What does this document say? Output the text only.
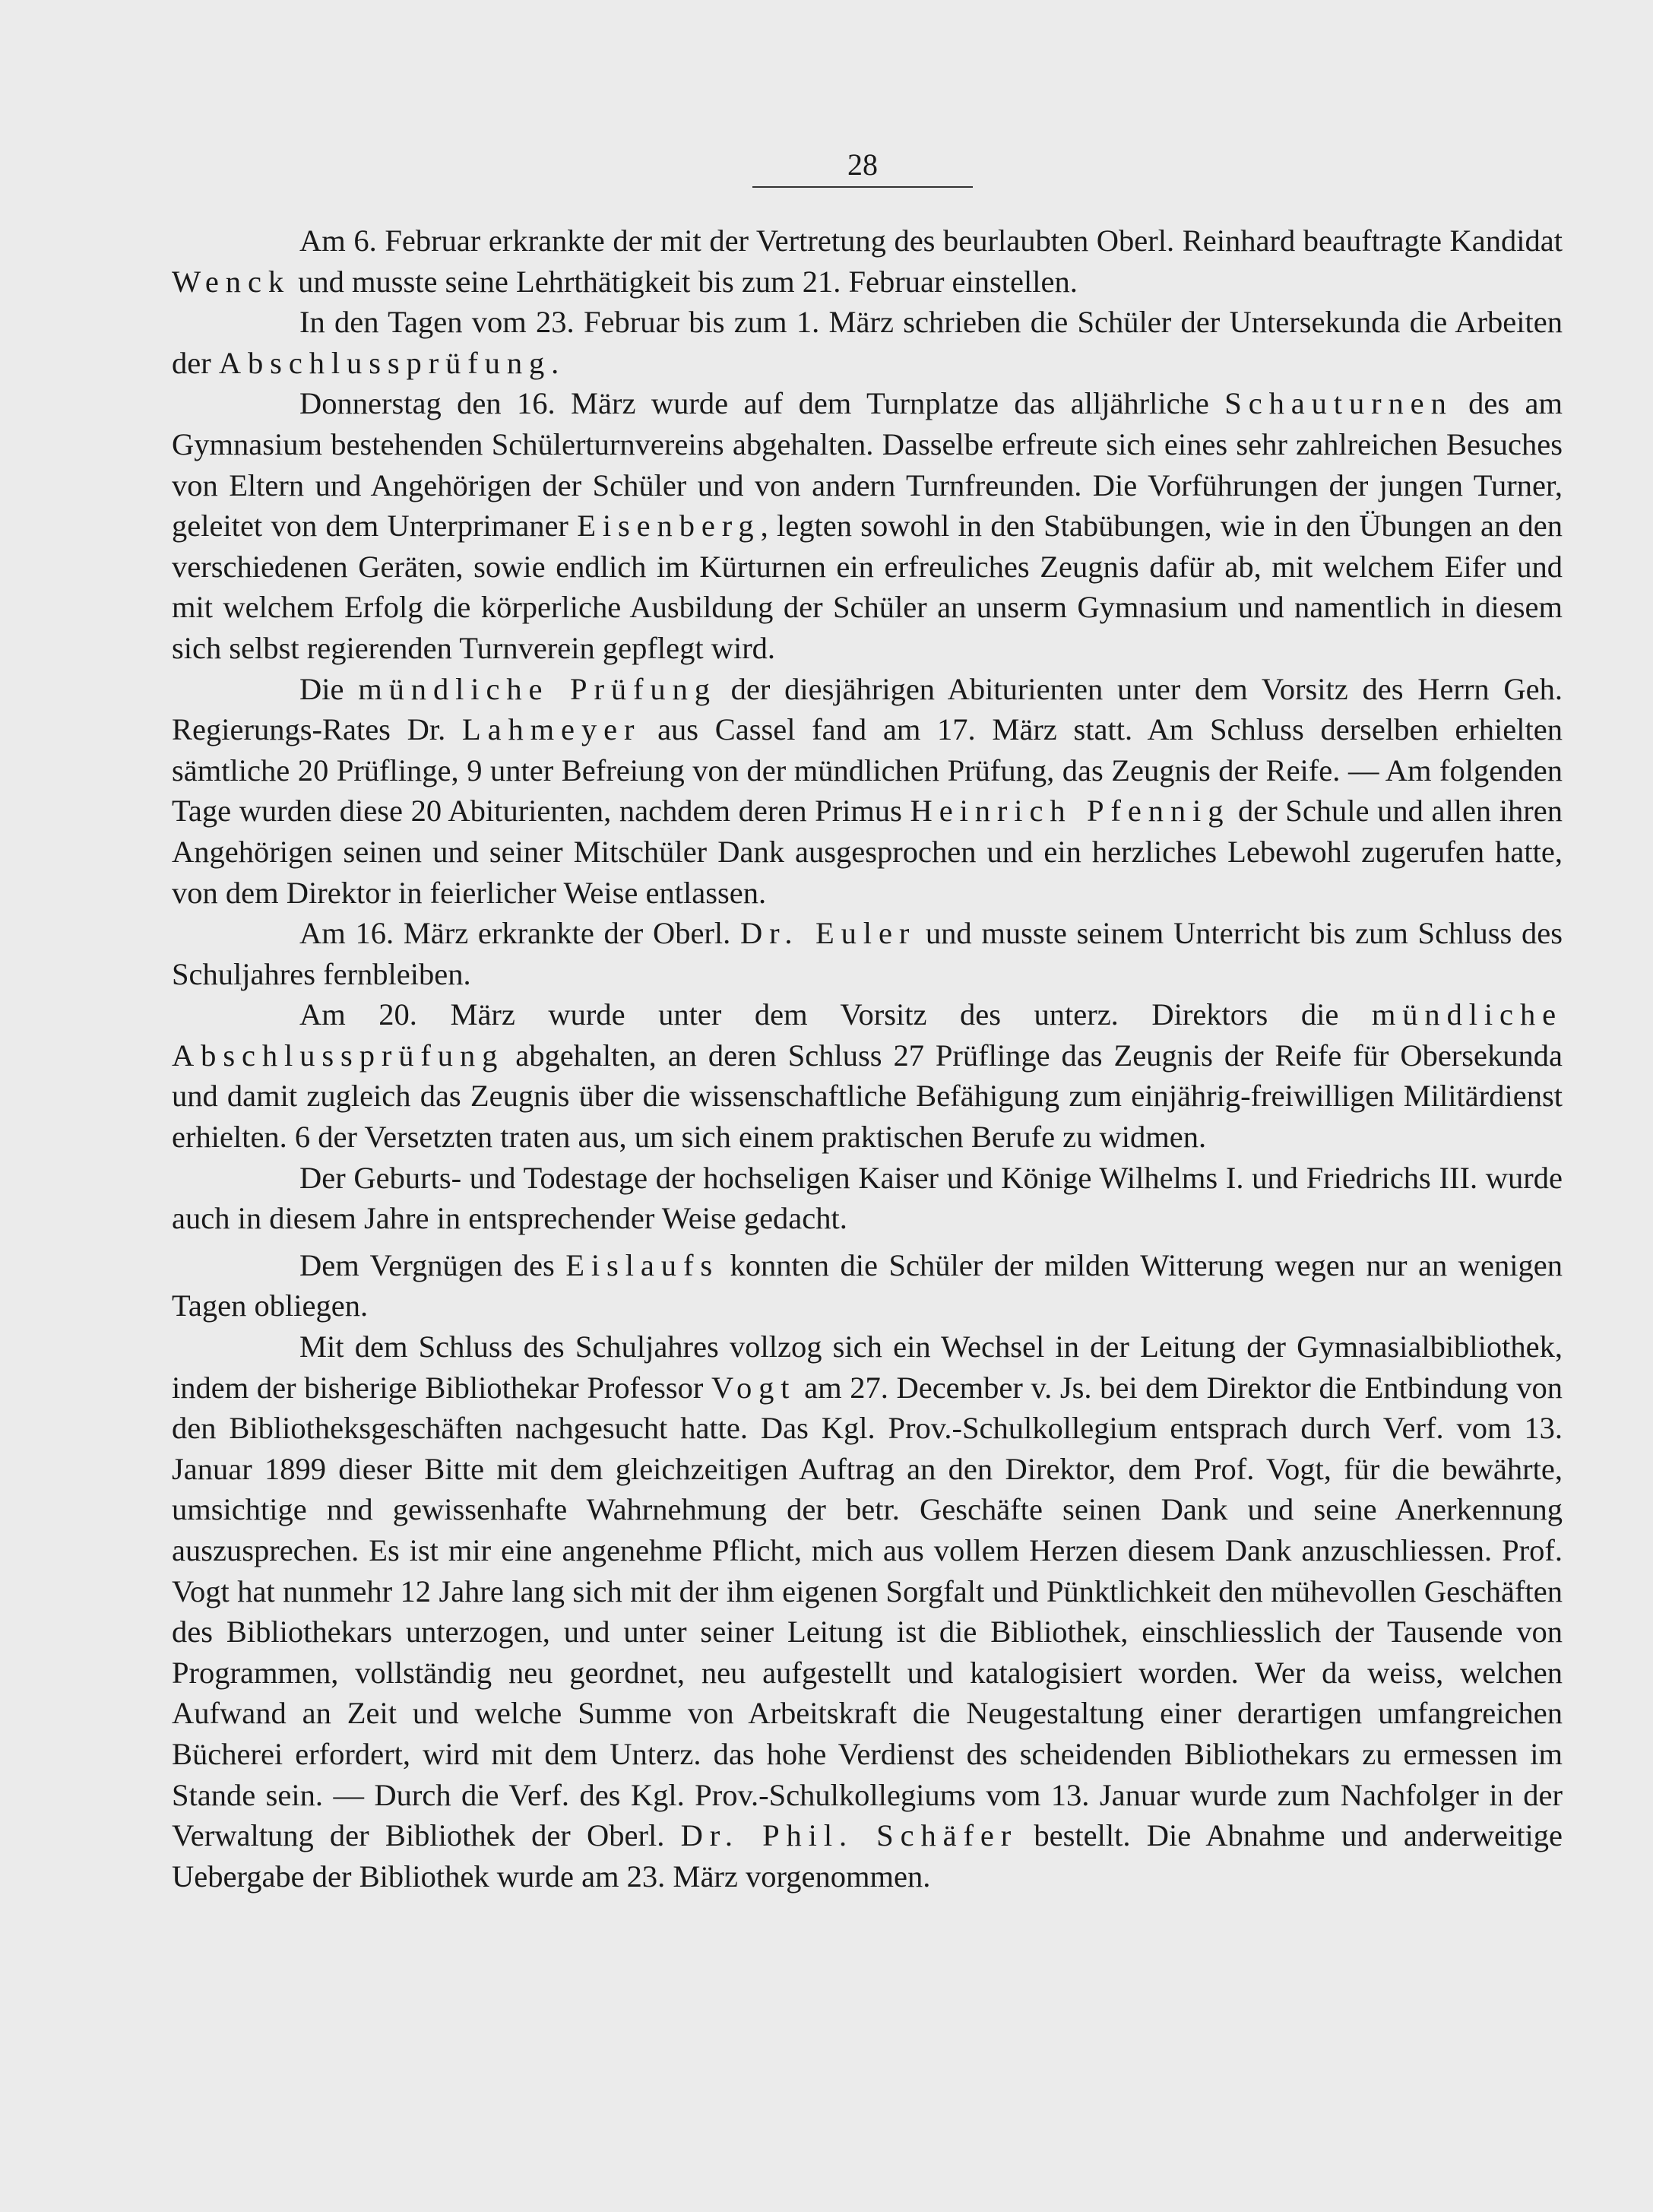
28

Am 6. Februar erkrankte der mit der Vertretung des beurlaubten Oberl. Reinhard beauftragte Kandidat Wenck und musste seine Lehrthätigkeit bis zum 21. Februar einstellen.

In den Tagen vom 23. Februar bis zum 1. März schrieben die Schüler der Untersekunda die Arbeiten der Abschlussprüfung.

Donnerstag den 16. März wurde auf dem Turnplatze das alljährliche Schauturnen des am Gymnasium bestehenden Schülerturnvereins abgehalten. Dasselbe erfreute sich eines sehr zahlreichen Besuches von Eltern und Angehörigen der Schüler und von andern Turnfreunden. Die Vorführungen der jungen Turner, geleitet von dem Unterprimaner Eisenberg, legten sowohl in den Stabübungen, wie in den Übungen an den verschiedenen Geräten, sowie endlich im Kürturnen ein erfreuliches Zeugnis dafür ab, mit welchem Eifer und mit welchem Erfolg die körperliche Ausbildung der Schüler an unserm Gymnasium und namentlich in diesem sich selbst regierenden Turnverein gepflegt wird.

Die mündliche Prüfung der diesjährigen Abiturienten unter dem Vorsitz des Herrn Geh. Regierungs-Rates Dr. Lahmeyer aus Cassel fand am 17. März statt. Am Schluss derselben erhielten sämtliche 20 Prüflinge, 9 unter Befreiung von der mündlichen Prüfung, das Zeugnis der Reife. — Am folgenden Tage wurden diese 20 Abiturienten, nachdem deren Primus Heinrich Pfennig der Schule und allen ihren Angehörigen seinen und seiner Mitschüler Dank ausgesprochen und ein herzliches Lebewohl zugerufen hatte, von dem Direktor in feierlicher Weise entlassen.

Am 16. März erkrankte der Oberl. Dr. Euler und musste seinem Unterricht bis zum Schluss des Schuljahres fernbleiben.

Am 20. März wurde unter dem Vorsitz des unterz. Direktors die mündliche Abschlussprüfung abgehalten, an deren Schluss 27 Prüflinge das Zeugnis der Reife für Obersekunda und damit zugleich das Zeugnis über die wissenschaftliche Befähigung zum einjährig-freiwilligen Militärdienst erhielten. 6 der Versetzten traten aus, um sich einem praktischen Berufe zu widmen.

Der Geburts- und Todestage der hochseligen Kaiser und Könige Wilhelms I. und Friedrichs III. wurde auch in diesem Jahre in entsprechender Weise gedacht.

Dem Vergnügen des Eislaufs konnten die Schüler der milden Witterung wegen nur an wenigen Tagen obliegen.

Mit dem Schluss des Schuljahres vollzog sich ein Wechsel in der Leitung der Gymnasialbibliothek, indem der bisherige Bibliothekar Professor Vogt am 27. December v. Js. bei dem Direktor die Entbindung von den Bibliotheksgeschäften nachgesucht hatte. Das Kgl. Prov.-Schulkollegium entsprach durch Verf. vom 13. Januar 1899 dieser Bitte mit dem gleichzeitigen Auftrag an den Direktor, dem Prof. Vogt, für die bewährte, umsichtige nnd gewissenhafte Wahrnehmung der betr. Geschäfte seinen Dank und seine Anerkennung auszusprechen. Es ist mir eine angenehme Pflicht, mich aus vollem Herzen diesem Dank anzuschliessen. Prof. Vogt hat nunmehr 12 Jahre lang sich mit der ihm eigenen Sorgfalt und Pünktlichkeit den mühevollen Geschäften des Bibliothekars unterzogen, und unter seiner Leitung ist die Bibliothek, einschliesslich der Tausende von Programmen, vollständig neu geordnet, neu aufgestellt und katalogisiert worden. Wer da weiss, welchen Aufwand an Zeit und welche Summe von Arbeitskraft die Neugestaltung einer derartigen umfangreichen Bücherei erfordert, wird mit dem Unterz. das hohe Verdienst des scheidenden Bibliothekars zu ermessen im Stande sein. — Durch die Verf. des Kgl. Prov.-Schulkollegiums vom 13. Januar wurde zum Nachfolger in der Verwaltung der Bibliothek der Oberl. Dr. Phil. Schäfer bestellt. Die Abnahme und anderweitige Uebergabe der Bibliothek wurde am 23. März vorgenommen.
